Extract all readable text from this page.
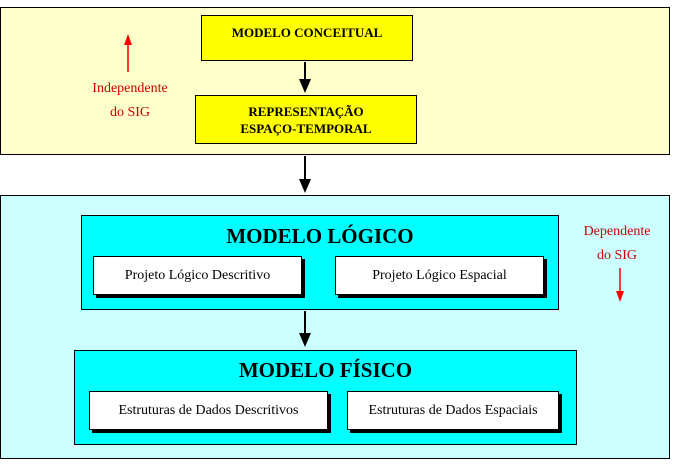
MODELO CONCEITUAL
REPRESENTAÇÃO
ESPAÇO-TEMPORAL
Independente
do SIG
MODELO LÓGICO
Projeto Lógico Descritivo	Projeto Lógico Espacial
MODELO FÍSICO
Estruturas de Dados Descritivos	Estruturas de Dados Espaciais
Dependente
do SIG
